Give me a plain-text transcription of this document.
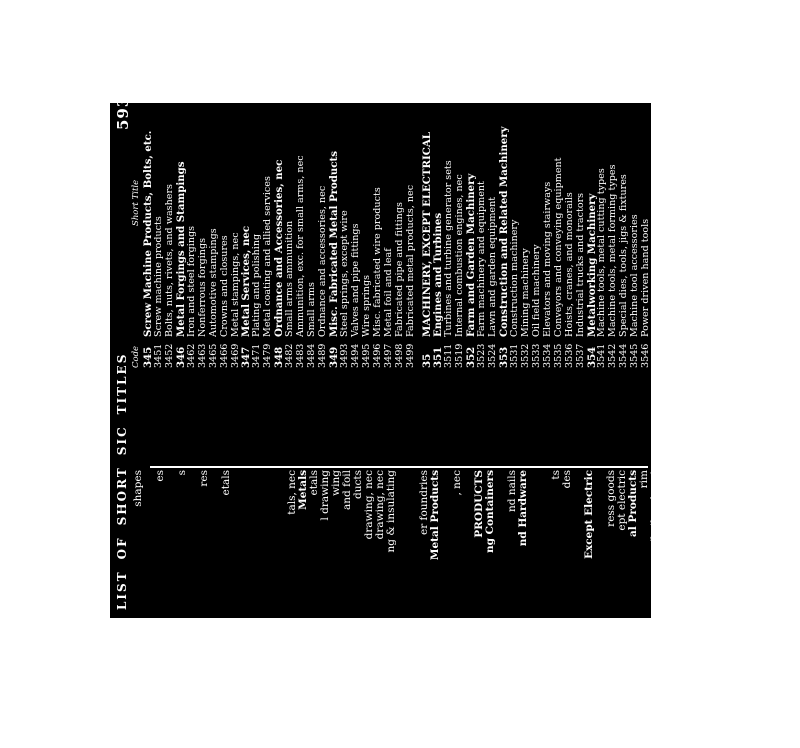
593
LISTOFSHORTSICTITLES
shapes es s res etals	tals, nec Metals etals l drawing wing and foil ducts drawing, nec drawing, nec ng & insulating er foundries Metal Products , nec PRODUCTS ng Containers nd nails nd Hardware ts des Except Electric ress goods ept electric al Products rim (boiler shops) k dings 1
Code
Short Title
345
Screw Machine Products, Bolts, etc.
3451
Screw machine products
3452
Bolts, nuts, rivets, and washers
346
Metal Forgings and Stampings
3462
Iron and steel forgings
3463
Nonferrous forgings
3465
Automotive stampings
3466
Crowns and closures
3469
Metal stampings, nec
347
Metal Services, nec
3471
Plating and polishing
3479
Metal coating and allied services
348
Ordnance and Accessories, nec
3482
Small arms ammunition
3483
Ammunition, exc. for small arms, nec
3484
Small arms
3489
Ordnance and accessories, nec
349
Misc. Fabricated Metal Products
3493
Steel springs, except wire
3494
Valves and pipe fittings
3495
Wire springs
3496
Misc. fabricated wire products
3497
Metal foil and leaf
3498
Fabricated pipe and fittings
3499
Fabricated metal products, nec
35
MACHINERY, EXCEPT ELECTRICAL
351
Engines and Turbines
3511
Turbines and turbine generator sets
3519
Internal combustion engines, nec
352
Farm and Garden Machinery
3523
Farm machinery and equipment
3524
Lawn and garden equipment
353
Construction and Related Machinery
3531
Construction machinery
3532
Mining machinery
3533
Oil field machinery
3534
Elevators and moving stairways
3535
Conveyors and conveying equipment
3536
Hoists, cranes, and monorails
3537
Industrial trucks and tractors
354
Metalworking Machinery
3541
Machine tools, metal cutting types
3542
Machine tools, metal forming types
3544
Special dies, tools, jigs & fixtures
3545
Machine tool accessories
3546
Power driven hand tools
3547
Rolling mill machinery
3549
Metalworking machinery, nec
355
Special Industry Machinery
3551
Food products machinery
